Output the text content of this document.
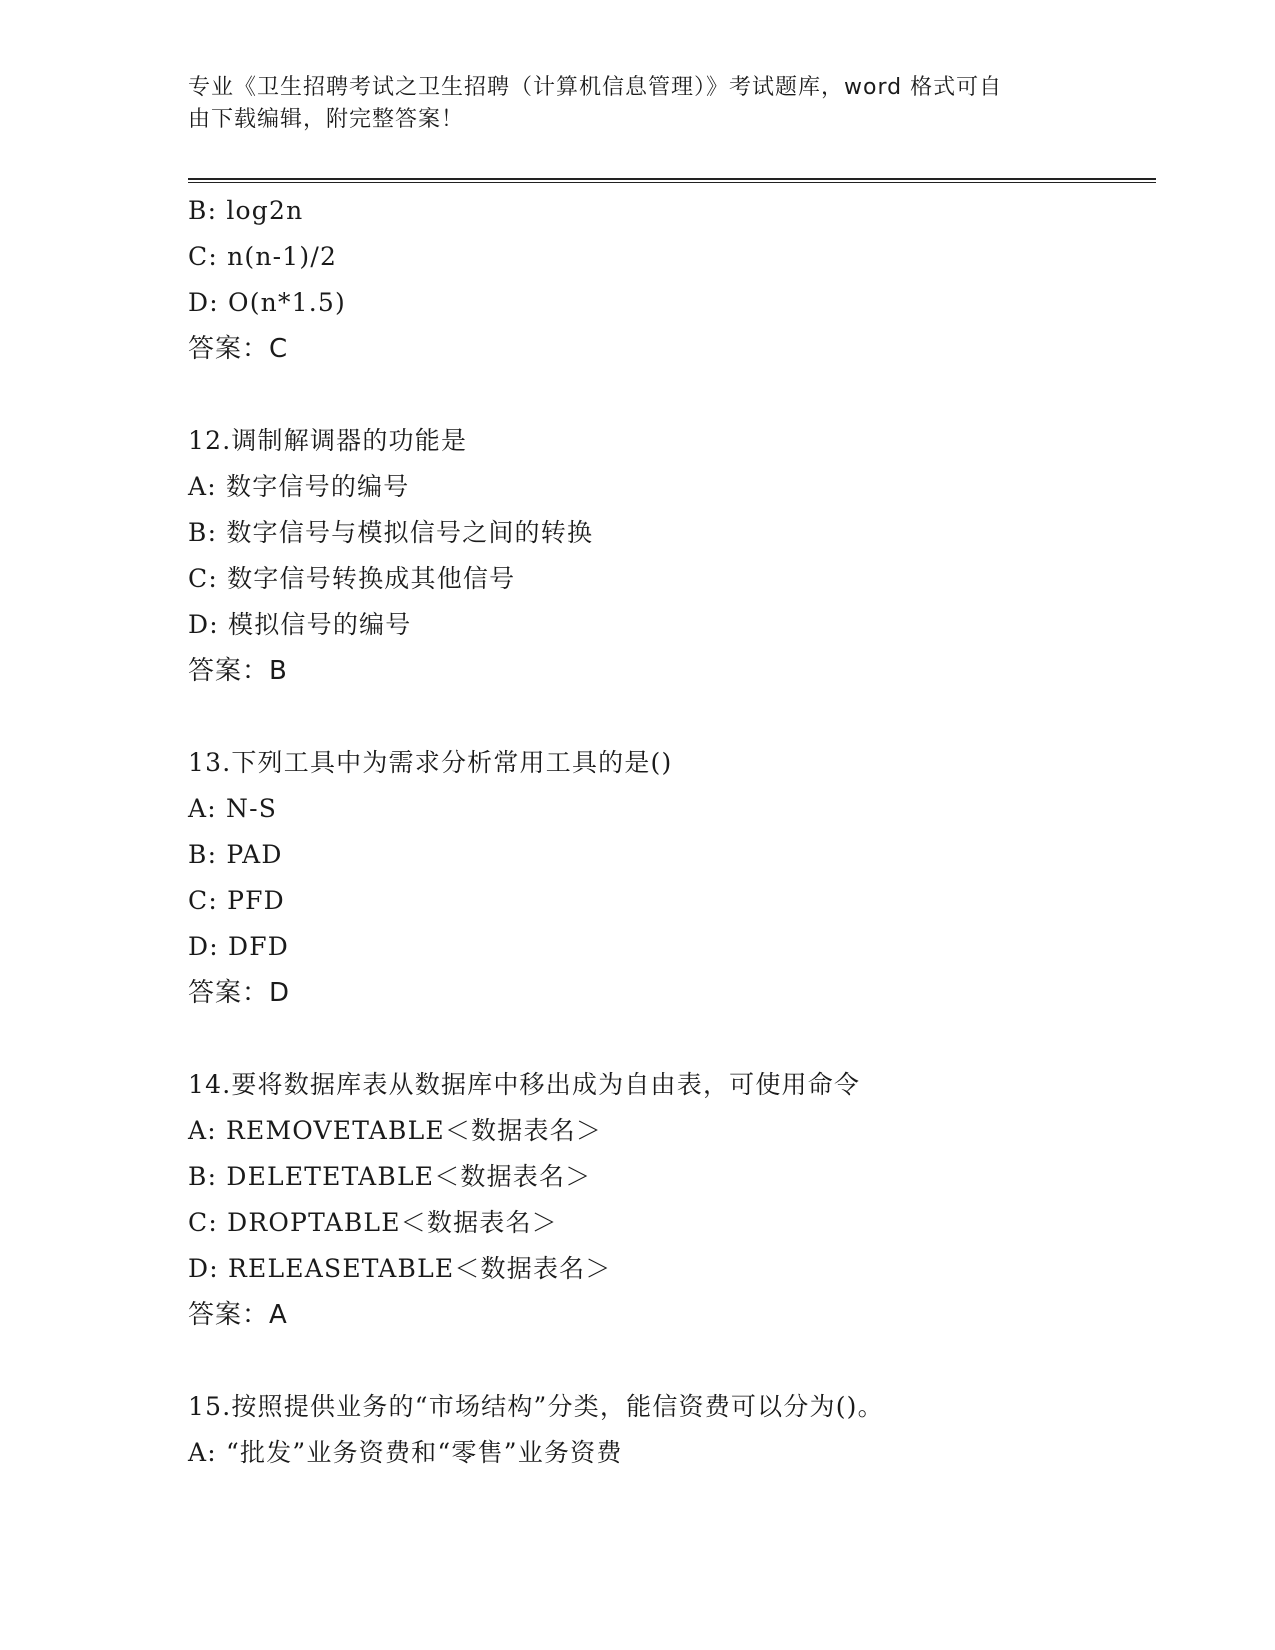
专业《卫生招聘考试之卫生招聘（计算机信息管理）》考试题库，word 格式可自
由下载编辑，附完整答案！
B: log2n
C: n(n-1)/2
D: O(n*1.5)
答案：C
12.调制解调器的功能是
A: 数字信号的编号
B: 数字信号与模拟信号之间的转换
C: 数字信号转换成其他信号
D: 模拟信号的编号
答案：B
13.下列工具中为需求分析常用工具的是()
A: N-S
B: PAD
C: PFD
D: DFD
答案：D
14.要将数据库表从数据库中移出成为自由表，可使用命令
A: REMOVETABLE＜数据表名＞
B: DELETETABLE＜数据表名＞
C: DROPTABLE＜数据表名＞
D: RELEASETABLE＜数据表名＞
答案：A
15.按照提供业务的“市场结构”分类，能信资费可以分为()。
A: “批发”业务资费和“零售”业务资费
